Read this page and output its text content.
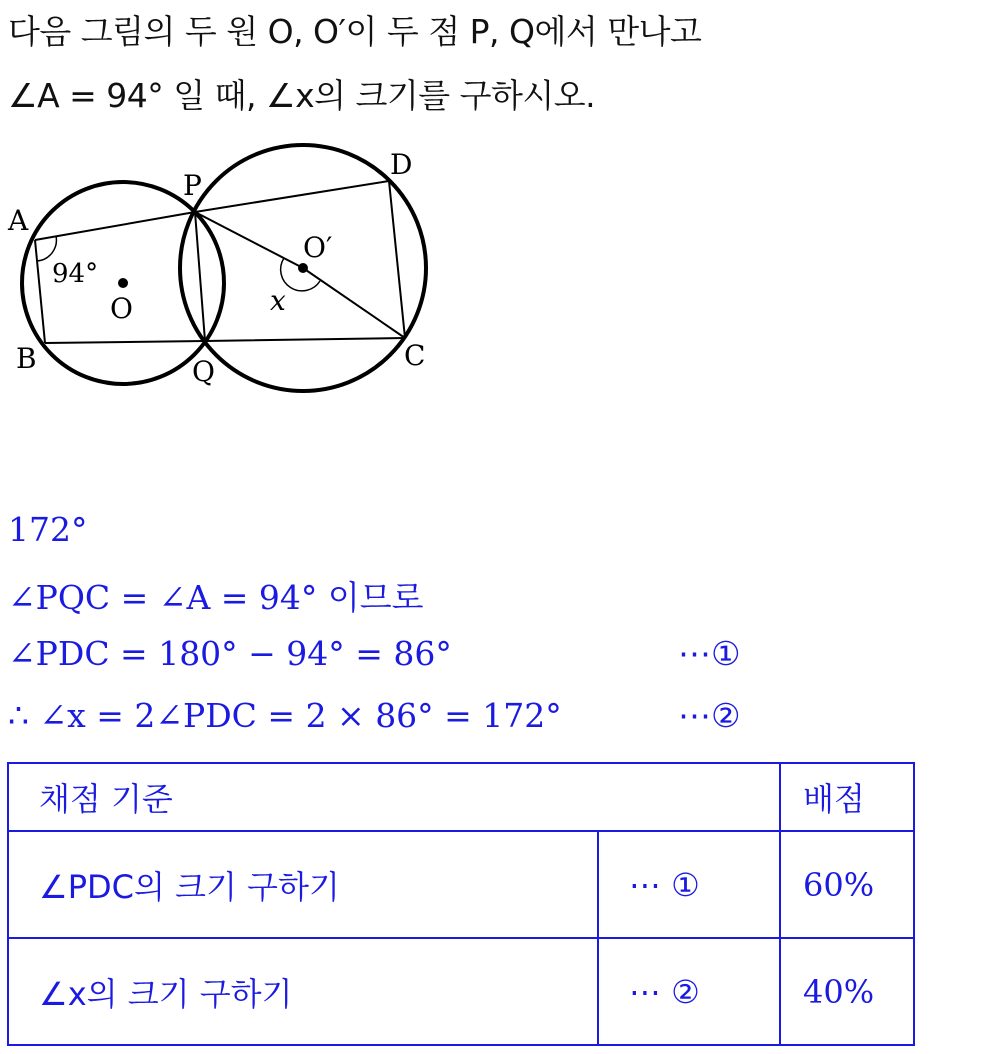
다음 그림의 두 원 O, O′이 두 점 P, Q에서 만나고
∠A = 94° 일 때, ∠x의 크기를 구하시오.
A
B
P
Q	C
D
O
O′
94°
x
172°
∠PQC = ∠A = 94° 이므로
∠PDC = 180° − 94° = 86°	⋯①
∴ ∠x = 2∠PDC = 2 × 86° = 172°	⋯②
채점 기준		배점
∠PDC의 크기 구하기	⋯ ①	60%
∠x의 크기 구하기	⋯ ②	40%
